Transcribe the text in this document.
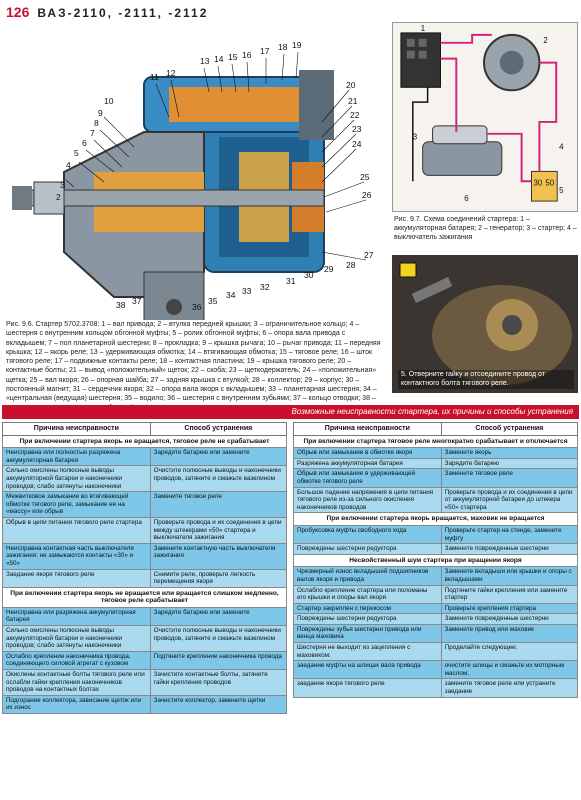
126 ВАЗ-2110, -2111, -2112
2
3
4
5
6
7
8
9
10
11 12
13 14 15 16 17 18 19
20
21
22
23
24
25
26
27
28
29
30
31
32
33
34
35
36
37
38
Рис. 9.6. Стартер 5702.3708: 1 – вал привода; 2 – втулка передней крышки; 3 – ограничительное кольцо; 4 – шестерня с внутренним кольцом обгонной муфты; 5 – ролик обгонной муфты; 6 – опора вала привода с вкладышем; 7 – пол планетарной шестерни; 8 – прокладка; 9 – крышка рычага; 10 – рычаг привода; 11 – передняя крышка; 12 – якорь реле; 13 – удерживающая обмотка; 14 – втягивающая обмотка; 15 – тяговое реле; 16 – шток тягового реле; 17 – подвижные контакты реле; 18 – контактная пластина; 19 – крышка тягового реле; 20 – контактные болты; 21 – вывод «положительный» щеток; 22 – скоба; 23 – щеткодержатель; 24 – «положительная» щетка; 25 – вал якоря; 26 – опорная шайба; 27 – задняя крышка с втулкой; 28 – коллектор; 29 – корпус; 30 – постоянный магнит; 31 – сердечник якоря; 32 – опора вала якоря с вкладышем; 33 – планетарная шестерня; 34 – «центральная (ведущая) шестерня; 35 – водило; 36 – шестерня с внутренним зубьями; 37 – кольцо отводки; 38 –
1
2
3
4
5
6
30 50
Рис. 9.7. Схема соединений стартера: 1 – аккумуляторная батарея; 2 – генератор; 3 – стартер; 4 – выключатель зажигания
5. Отверните гайку и отсоедините провод от контактного болта тягового реле.
Возможные неисправности стартера, их причины и способы устранения
Причина неисправности	Способ устранения
При включении стартера якорь не вращается, тяговое реле не срабатывает	
Неисправна или полностью разряжена аккумуляторная батарея	Зарядите батарею или замените
Сильно окислены полюсные выводы аккумуляторной батареи и наконечники проводов; слабо затянуты наконечники	Очистите полюсные выводы и наконечники проводов, затяните и смажьте вазелином
Межвитковое замыкание во втягивающей обмотке тягового реле, замыкание ее на «массу» или обрыв	Замените тяговое реле
Обрыв в цепи питания тягового реле стартера	Проверьте провода и их соединения в цепи между штекерами «50» стартера и выключателя зажигания
Неисправна контактная часть выключателя зажигания: не замыкаются контакты «30» и «50»	Замените контактную часть выключателя зажигания
Заедание якоря тягового реле	Снимите реле, проверьте легкость перемещения якоря
При включении стартера якорь не вращается или вращается слишком медленно, тяговое реле срабатывает	
Неисправна или разряжена аккумуляторная батарея	Зарядите батарею или замените
Сильно окислены полюсные выводы аккумуляторной батареи и наконечники проводов; слабо затянуты наконечники	Очистите полюсные выводы и наконечники проводов, затяните и смажьте вазелином
Ослабло крепление наконечника провода, соединяющего силовой агрегат с кузовом	Подтяните крепление наконечника провода
Окислены контактные болты тягового реле или ослабли гайки крепления наконечников проводов на контактных болтах	Зачистите контактные болты, затяните гайки крепления проводов
Подгорание коллектора, зависание щеток или их износ	Зачистите коллектор, замените щетки
Причина неисправности	Способ устранения
При включении стартера тяговое реле многократно срабатывает и отключается	
Обрыв или замыкание в обмотке якоря	Замените якорь
Разряжена аккумуляторная батарея	Зарядите батарею
Обрыв или замыкание в удерживающей обмотке тягового реле	Замените тяговое реле
Большое падение напряжения в цепи питания тягового реле из-за сильного окисления наконечников проводов	Проверьте провода и их соединения в цепи от аккумуляторной батареи до штекера «50» стартера
При включении стартера якорь вращается, маховик не вращается	
Пробуксовка муфты свободного хода	Проверьте стартер на стенде, замените муфту
Повреждены шестерни редуктора	Замените поврежденные шестерни
Несвойственный шум стартера при вращении якоря	
Чрезмерный износ вкладышей подшипников валов якоря и привода	Замените вкладыши или крышки и опоры с вкладышами
Ослабло крепление стартера или поломаны его крышки и опоры вал якоря	Подтяните гайки крепления или замените стартер
Стартер закреплен с перекосом	Проверьте крепления стартера
Повреждены шестерни редуктора	Замените поврежденные шестерни
Повреждены зубья шестерни привода или венца маховика	Замените привод или маховик
Шестерня не выходит из зацепления с маховиком:	Проделайте следующее:
заедание муфты на шлицах вала привода	очистите шлицы и смажьте их моторным маслом;
заедание якоря тягового реле	замените тяговое реле или устраните заедание
